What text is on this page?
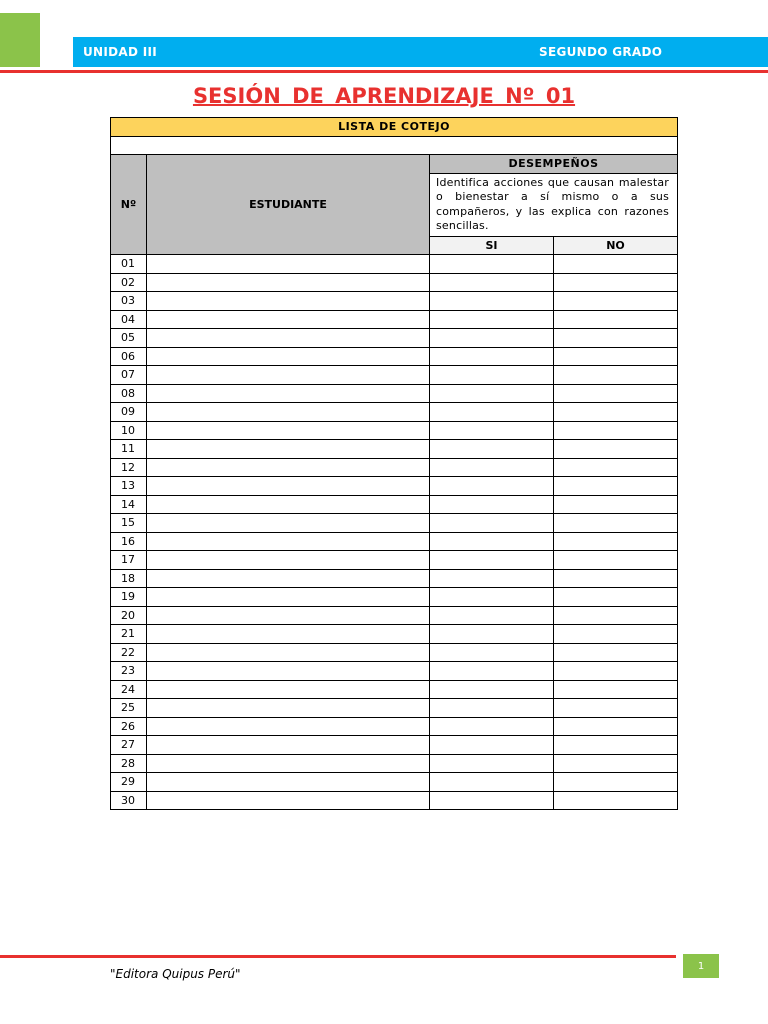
UNIDAD III	SEGUNDO GRADO
SESIÓN DE APRENDIZAJE Nº 01
LISTA DE COTEJO			

Nº	ESTUDIANTE	DESEMPEÑOS	
		Identifica acciones que causan malestar o bienestar a sí mismo o a sus compañeros, y las explica con razones sencillas.	
		SI	NO
01			
02			
03			
04			
05			
06			
07			
08			
09			
10			
11			
12			
13			
14			
15			
16			
17			
18			
19			
20			
21			
22			
23			
24			
25			
26			
27			
28			
29			
30			
1
"Editora Quipus Perú"
